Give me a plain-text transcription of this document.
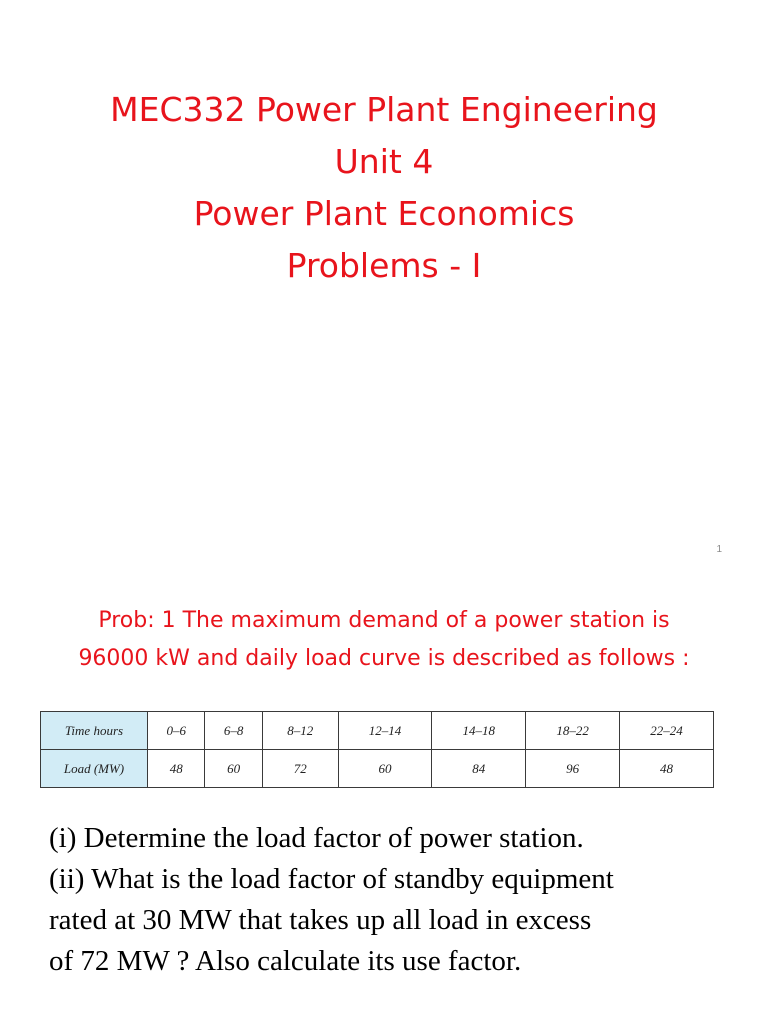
MEC332 Power Plant Engineering
Unit 4
Power Plant Economics
Problems - I
1
Prob: 1 The maximum demand of a power station is
96000 kW and daily load curve is described as follows :
Time hours	0–6	6–8	8–12	12–14	14–18	18–22	22–24
Load (MW)	48	60	72	60	84	96	48
(i) Determine the load factor of power station.
(ii) What is the load factor of standby equipment
rated at 30 MW that takes up all load in excess
of 72 MW ? Also calculate its use factor.
